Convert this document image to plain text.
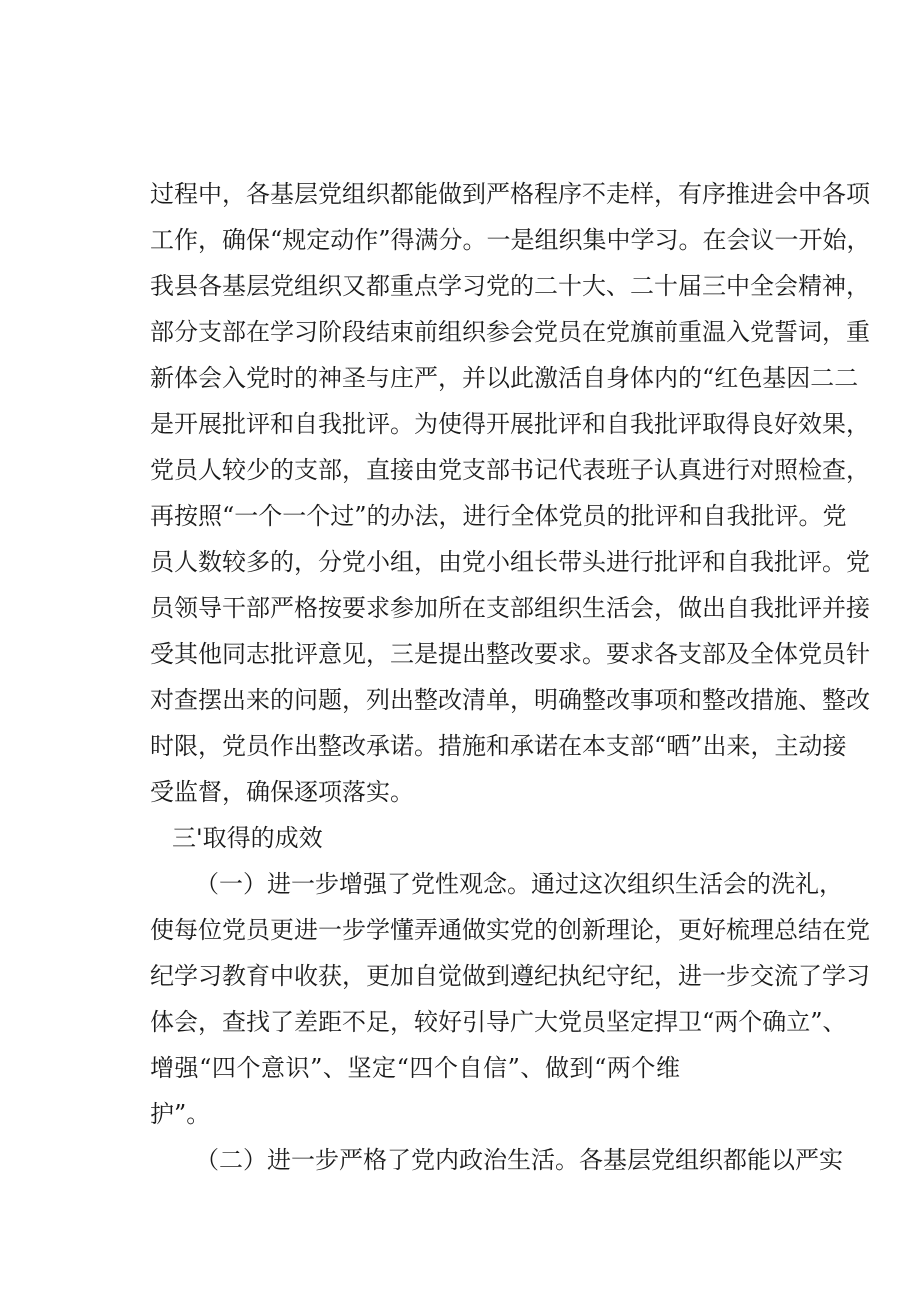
过程中，各基层党组织都能做到严格程序不走样，有序推进会中各项
工作，确保“规定动作”得满分。一是组织集中学习。在会议一开始，
我县各基层党组织又都重点学习党的二十大、二十届三中全会精神，
部分支部在学习阶段结束前组织参会党员在党旗前重温入党誓词，重
新体会入党时的神圣与庄严，并以此激活自身体内的“红色基因二二
是开展批评和自我批评。为使得开展批评和自我批评取得良好效果，
党员人较少的支部，直接由党支部书记代表班子认真进行对照检查，
再按照“一个一个过”的办法，进行全体党员的批评和自我批评。党
员人数较多的，分党小组，由党小组长带头进行批评和自我批评。党
员领导干部严格按要求参加所在支部组织生活会，做出自我批评并接
受其他同志批评意见，三是提出整改要求。要求各支部及全体党员针
对查摆出来的问题，列出整改清单，明确整改事项和整改措施、整改
时限，党员作出整改承诺。措施和承诺在本支部“晒”出来，主动接
受监督，确保逐项落实。
三'取得的成效
（一）进一步增强了党性观念。通过这次组织生活会的洗礼，
使每位党员更进一步学懂弄通做实党的创新理论，更好梳理总结在党
纪学习教育中收获，更加自觉做到遵纪执纪守纪，进一步交流了学习
体会，查找了差距不足，较好引导广大党员坚定捍卫“两个确立”、
增强“四个意识”、坚定“四个自信”、做到“两个维
护”。
（二）进一步严格了党内政治生活。各基层党组织都能以严实
